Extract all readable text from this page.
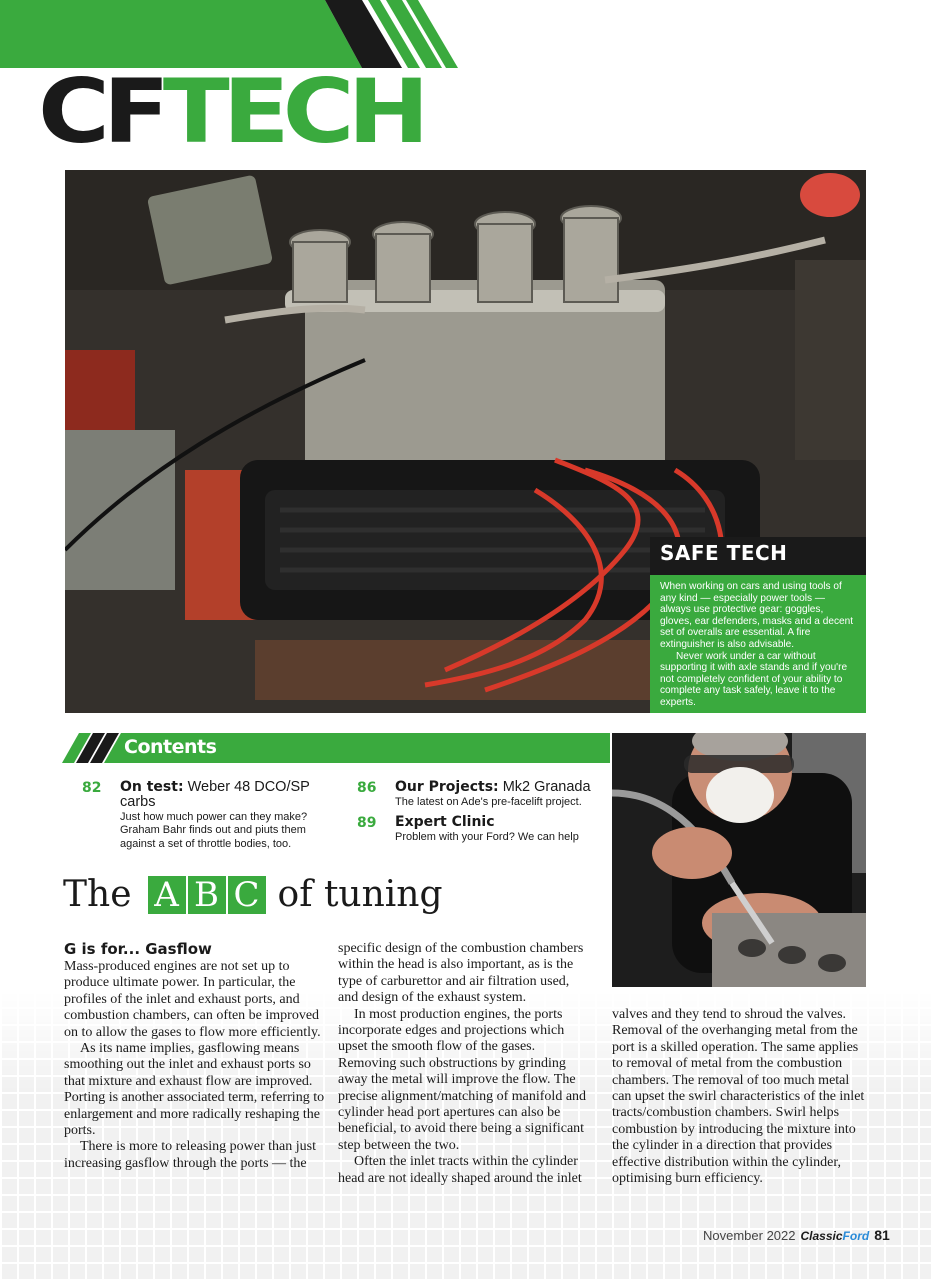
CFTECH
SAFE TECH

When working on cars and using tools of any kind — especially power tools — always use protective gear: goggles, gloves, ear defenders, masks and a decent set of overalls are essential. A fire extinguisher is also advisable.

Never work under a car without supporting it with axle stands and if you're not completely confident of your ability to complete any task safely, leave it to the experts.

Contents
82 On test: Weber 48 DCO/SP carbs
Just how much power can they make? Graham Bahr finds out and piuts them against a set of throttle bodies, too.
86 Our Projects: Mk2 Granada
The latest on Ade's pre-facelift project.
89 Expert Clinic
Problem with your Ford? We can help
The A B C of tuning
G is for... Gasflow

Mass-produced engines are not set up to produce ultimate power. In particular, the profiles of the inlet and exhaust ports, and combustion chambers, can often be improved on to allow the gases to flow more efficiently.

As its name implies, gasflowing means smoothing out the inlet and exhaust ports so that mixture and exhaust flow are improved. Porting is another associated term, referring to enlargement and more radically reshaping the ports.

There is more to releasing power than just increasing gasflow through the ports — the

specific design of the combustion chambers within the head is also important, as is the type of carburettor and air filtration used, and design of the exhaust system.

In most production engines, the ports incorporate edges and projections which upset the smooth flow of the gases. Removing such obstructions by grinding away the metal will improve the flow. The precise alignment/matching of manifold and cylinder head port apertures can also be beneficial, to avoid there being a significant step between the two.

Often the inlet tracts within the cylinder head are not ideally shaped around the inlet

valves and they tend to shroud the valves. Removal of the overhanging metal from the port is a skilled operation. The same applies to removal of metal from the combustion chambers. The removal of too much metal can upset the swirl characteristics of the inlet tracts/combustion chambers. Swirl helps combustion by introducing the mixture into the cylinder in a direction that provides effective distribution within the cylinder, optimising burn efficiency.

November 2022 ClassicFord 81
